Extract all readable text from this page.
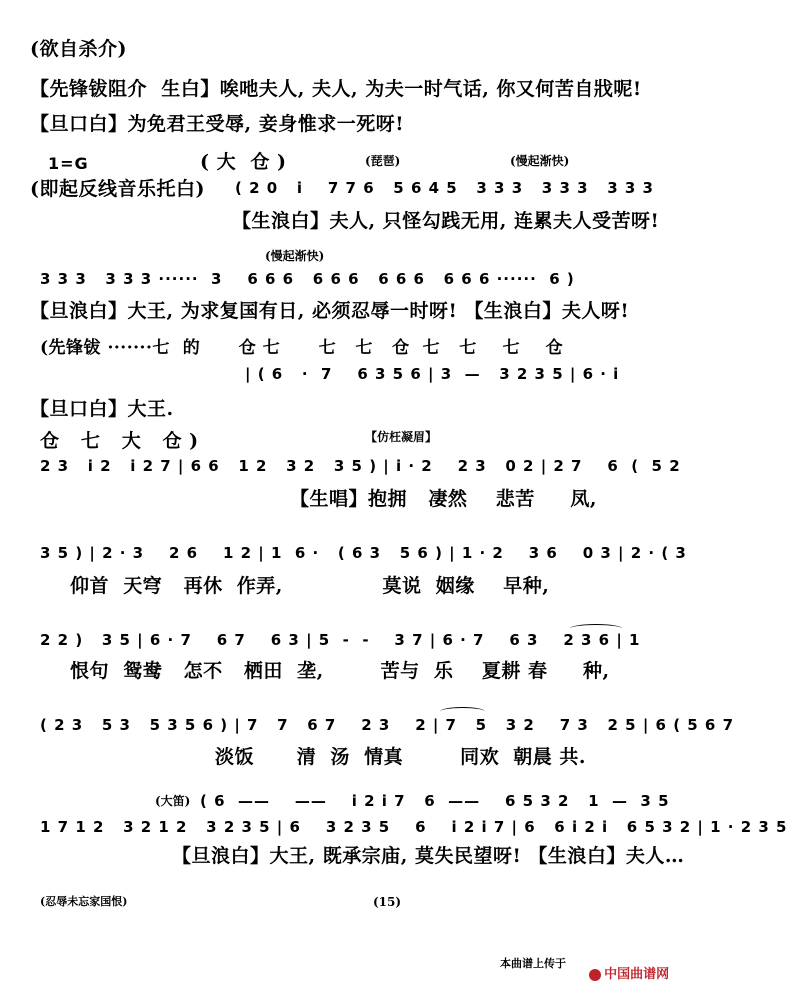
(欲自杀介)
【先锋钹阻介  生白】唉吔夫人, 夫人, 为夫一时气话, 你又何苦自戕呢!
【旦口白】为免君王受辱, 妾身惟求一死呀!
1=G	( 大  仓 )	(琵琶)	(慢起渐快)
(即起反线音乐托白) ( 2 0   i    7 7 6   5 6 4 5   3 3 3   3 3 3   3 3 3
【生浪白】夫人, 只怪勾践无用, 连累夫人受苦呀!
(慢起渐快)
3 3 3   3 3 3 ······  3    6 6 6   6 6 6   6 6 6   6 6 6 ······  6 )
【旦浪白】大王, 为求复国有日, 必须忍辱一时呀! 【生浪白】夫人呀!
(先锋钹 ·······七  的      仓 七      七   七   仓  七   七    七    仓
| ( 6   ·  7    6 3 5 6 | 3  —   3 2 3 5 | 6 · i
【旦口白】大王.
仓   七   大   仓 )	【仿枉凝眉】
2 3   i 2   i 2 7 | 6 6   1 2   3 2   3 5 ) | i · 2    2 3   0 2 | 2 7    6  (  5 2
【生唱】抱拥   凄然    悲苦     凤,
3 5 ) | 2 · 3    2 6    1 2 | 1  6 ·   ( 6 3   5 6 ) | 1 · 2    3 6    0 3 | 2 · ( 3
仰首  天穹   再休  作弄,              莫说  姻缘    早种,
2 2 )   3 5 | 6 · 7    6 7    6 3 | 5  -  -    3 7 | 6 · 7    6 3    2 3 6 | 1
恨句  鸳鸯   怎不   栖田  垄,        苦与  乐    夏耕 春     种,
( 2 3   5 3   5 3 5 6 ) | 7   7   6 7    2 3    2 | 7   5   3 2    7 3   2 5 | 6 ( 5 6 7
淡饭      清  汤  情真        同欢  朝晨 共.
(大笛) ( 6  ——    ——    i 2 i 7   6  ——    6 5 3 2   1  —  3 5
1 7 1 2   3 2 1 2   3 2 3 5 | 6    3 2 3 5    6    i 2 i 7 | 6   6 i 2 i   6 5 3 2 | 1 · 2 3 5
【旦浪白】大王, 既承宗庙, 莫失民望呀! 【生浪白】夫人…
(忍辱未忘家国恨)	(15)
本曲谱上传于

中国曲谱网
